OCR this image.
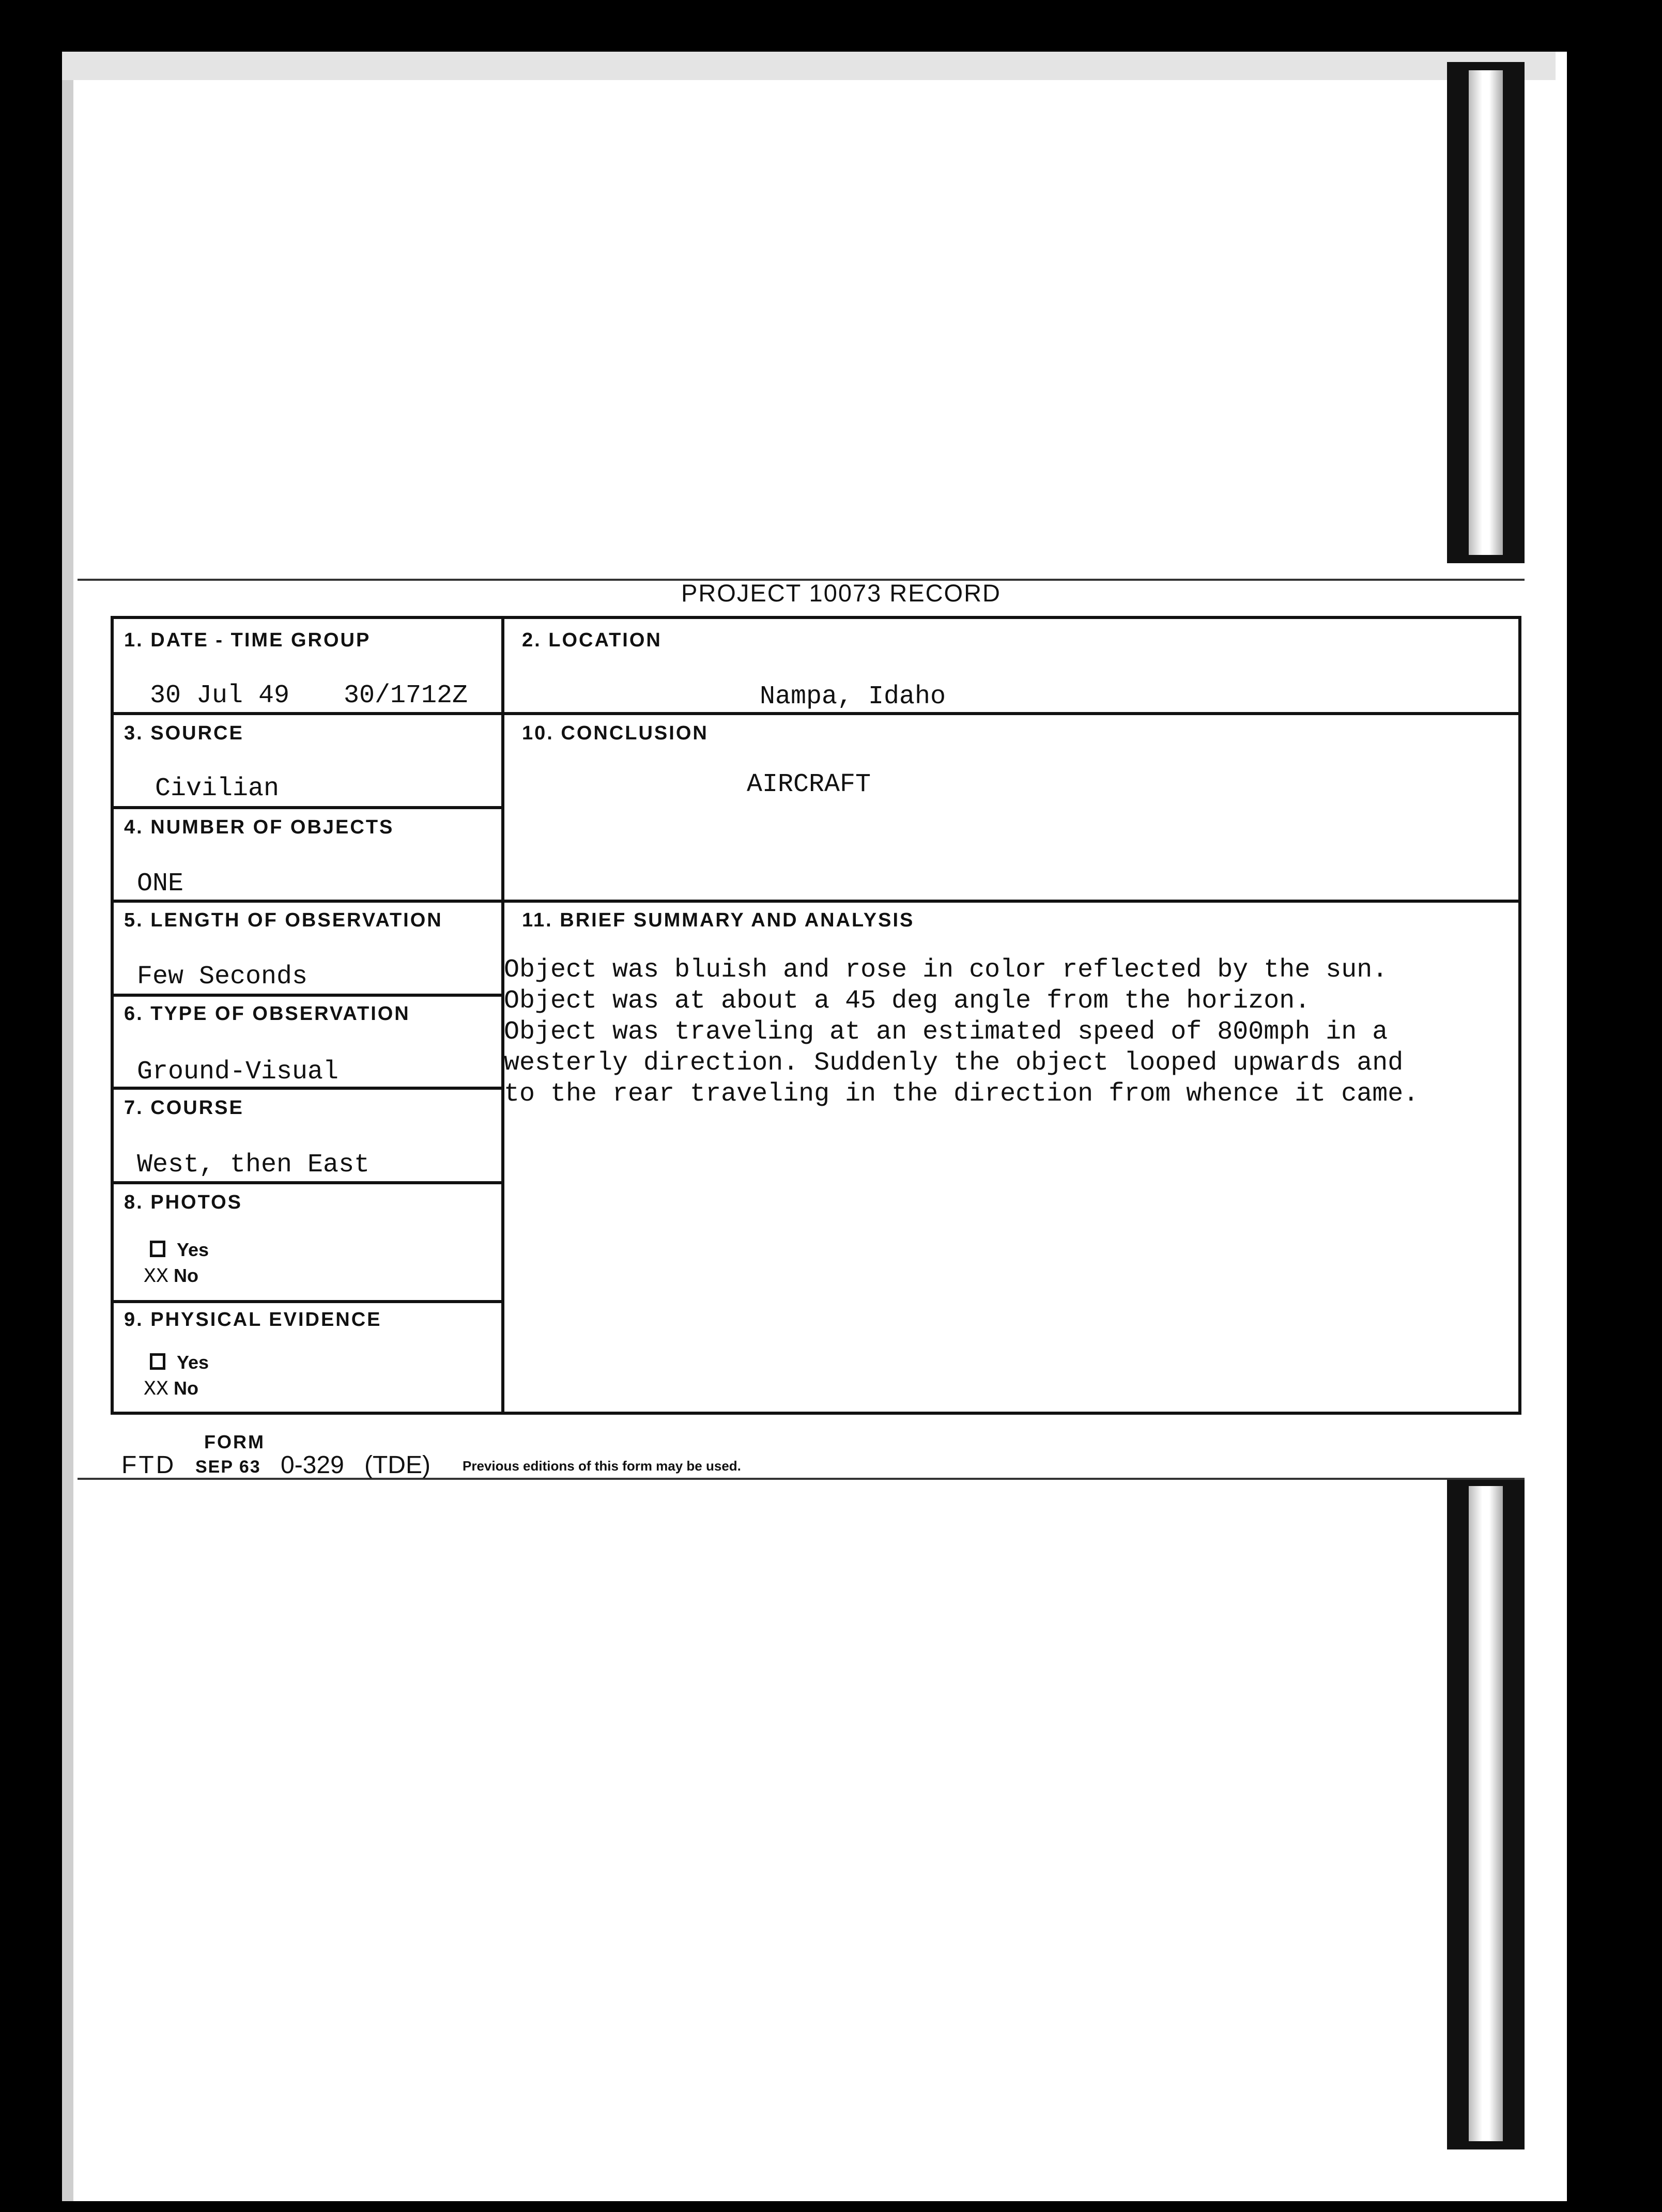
PROJECT 10073 RECORD
1. DATE - TIME GROUP
30 Jul 49 30/1712Z
2. LOCATION
Nampa, Idaho
3. SOURCE
Civilian
10. CONCLUSION
AIRCRAFT
4. NUMBER OF OBJECTS
ONE
5. LENGTH OF OBSERVATION
Few Seconds
11. BRIEF SUMMARY AND ANALYSIS

Object was bluish and rose in color reflected by the sun.

Object was at about a 45 deg angle from the horizon.

Object was traveling at an estimated speed of 800mph in a

westerly direction. Suddenly the object looped upwards and

to the rear traveling in the direction from whence it came.

6. TYPE OF OBSERVATION
Ground-Visual
7. COURSE
West, then East
8. PHOTOS
Yes
XX No
9. PHYSICAL EVIDENCE
Yes
XX No
FORM
FTD SEP 63 0-329 (TDE) Previous editions of this form may be used.
